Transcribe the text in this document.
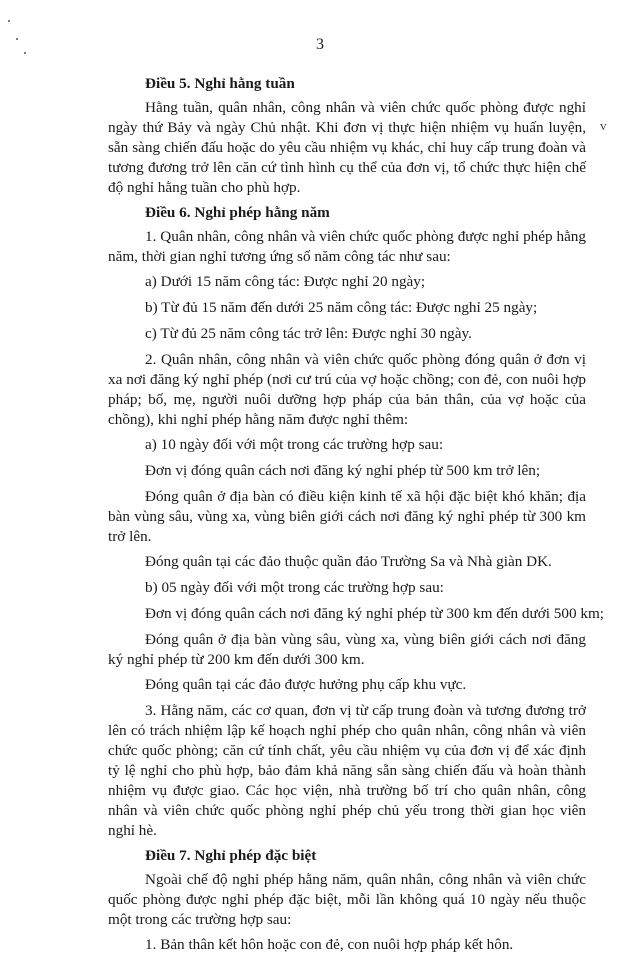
3
v
Điều 5. Nghỉ hằng tuần
Hằng tuần, quân nhân, công nhân và viên chức quốc phòng được nghỉ ngày thứ Bảy và ngày Chủ nhật. Khi đơn vị thực hiện nhiệm vụ huấn luyện, sẵn sàng chiến đấu hoặc do yêu cầu nhiệm vụ khác, chỉ huy cấp trung đoàn và tương đương trở lên căn cứ tình hình cụ thể của đơn vị, tổ chức thực hiện chế độ nghỉ hằng tuần cho phù hợp.
Điều 6. Nghỉ phép hằng năm
1. Quân nhân, công nhân và viên chức quốc phòng được nghỉ phép hằng năm, thời gian nghỉ tương ứng số năm công tác như sau:
a) Dưới 15 năm công tác: Được nghỉ 20 ngày;
b) Từ đủ 15 năm đến dưới 25 năm công tác: Được nghỉ 25 ngày;
c) Từ đủ 25 năm công tác trở lên: Được nghỉ 30 ngày.
2. Quân nhân, công nhân và viên chức quốc phòng đóng quân ở đơn vị xa nơi đăng ký nghỉ phép (nơi cư trú của vợ hoặc chồng; con đẻ, con nuôi hợp pháp; bố, mẹ, người nuôi dưỡng hợp pháp của bản thân, của vợ hoặc của chồng), khi nghỉ phép hằng năm được nghỉ thêm:
a) 10 ngày đối với một trong các trường hợp sau:
Đơn vị đóng quân cách nơi đăng ký nghỉ phép từ 500 km trở lên;
Đóng quân ở địa bàn có điều kiện kinh tế xã hội đặc biệt khó khăn; địa bàn vùng sâu, vùng xa, vùng biên giới cách nơi đăng ký nghỉ phép từ 300 km trở lên.
Đóng quân tại các đảo thuộc quần đảo Trường Sa và Nhà giàn DK.
b) 05 ngày đối với một trong các trường hợp sau:
Đơn vị đóng quân cách nơi đăng ký nghỉ phép từ 300 km đến dưới 500 km;
Đóng quân ở địa bàn vùng sâu, vùng xa, vùng biên giới cách nơi đăng ký nghỉ phép từ 200 km đến dưới 300 km.
Đóng quân tại các đảo được hưởng phụ cấp khu vực.
3. Hằng năm, các cơ quan, đơn vị từ cấp trung đoàn và tương đương trở lên có trách nhiệm lập kế hoạch nghỉ phép cho quân nhân, công nhân và viên chức quốc phòng; căn cứ tính chất, yêu cầu nhiệm vụ của đơn vị để xác định tỷ lệ nghỉ cho phù hợp, bảo đảm khả năng sẵn sàng chiến đấu và hoàn thành nhiệm vụ được giao. Các học viện, nhà trường bố trí cho quân nhân, công nhân và viên chức quốc phòng nghỉ phép chủ yếu trong thời gian học viên nghỉ hè.
Điều 7. Nghỉ phép đặc biệt
Ngoài chế độ nghỉ phép hằng năm, quân nhân, công nhân và viên chức quốc phòng được nghỉ phép đặc biệt, mỗi lần không quá 10 ngày nếu thuộc một trong các trường hợp sau:
1. Bản thân kết hôn hoặc con đẻ, con nuôi hợp pháp kết hôn.
